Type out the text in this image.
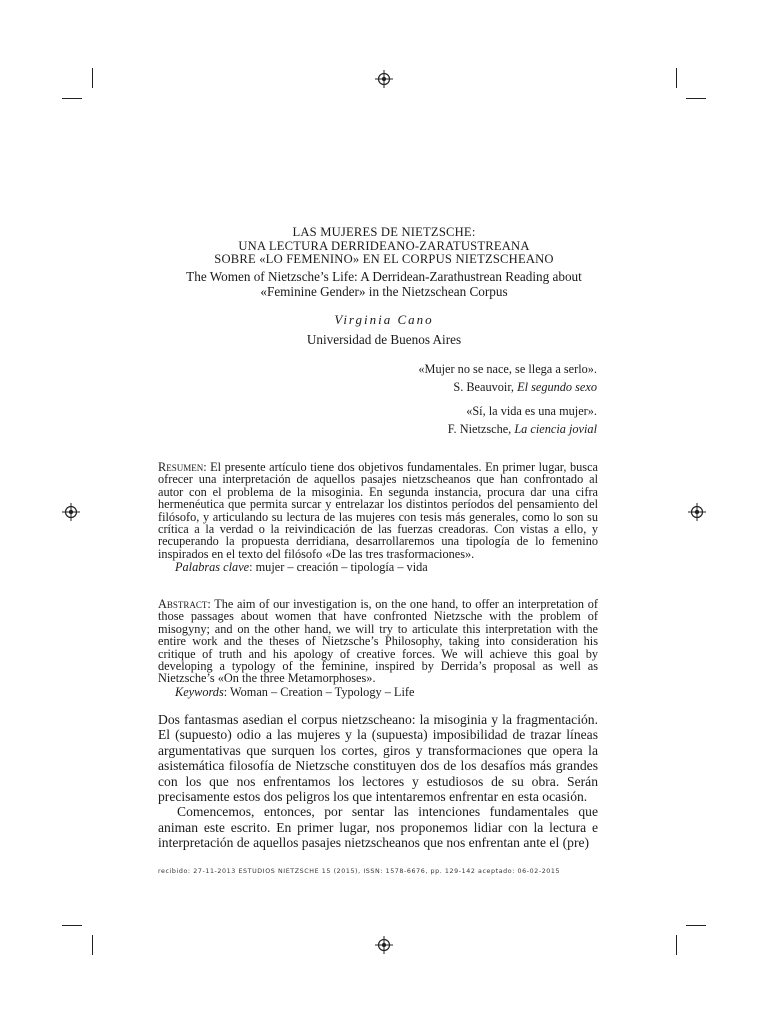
LAS MUJERES DE NIETZSCHE:
UNA LECTURA DERRIDEANO-ZARATUSTREANA
SOBRE «LO FEMENINO» EN EL CORPUS NIETZSCHEANO
The Women of Nietzsche’s Life: A Derridean-Zarathustrean Reading about
«Feminine Gender» in the Nietzschean Corpus
Virginia Cano
Universidad de Buenos Aires
«Mujer no se nace, se llega a serlo».
S. Beauvoir, El segundo sexo
«Sí, la vida es una mujer».
F. Nietzsche, La ciencia jovial
Resumen: El presente artículo tiene dos objetivos fundamentales. En primer lugar, busca ofrecer una interpretación de aquellos pasajes nietzscheanos que han confrontado al autor con el problema de la misoginia. En segunda instancia, procura dar una cifra hermenéutica que permita surcar y entrelazar los distintos períodos del pensamiento del filósofo, y articulando su lectura de las mujeres con tesis más generales, como lo son su crítica a la verdad o la reivindicación de las fuerzas creadoras. Con vistas a ello, y recuperando la propuesta derridiana, desarrollaremos una tipología de lo femenino inspirados en el texto del filósofo «De las tres trasformaciones».
Palabras clave: mujer – creación – tipología – vida
Abstract: The aim of our investigation is, on the one hand, to offer an interpretation of those passages about women that have confronted Nietzsche with the problem of misogyny; and on the other hand, we will try to articulate this interpretation with the entire work and the theses of Nietzsche’s Philosophy, taking into consideration his critique of truth and his apology of creative forces. We will achieve this goal by developing a typology of the feminine, inspired by Derrida’s proposal as well as Nietzsche’s «On the three Metamorphoses».
Keywords: Woman – Creation – Typology – Life

Dos fantasmas asedian el corpus nietzscheano: la misoginia y la fragmentación. El (supuesto) odio a las mujeres y la (supuesta) imposibilidad de trazar líneas argumentativas que surquen los cortes, giros y transformaciones que opera la asistemática filosofía de Nietzsche constituyen dos de los desafíos más grandes con los que nos enfrentamos los lectores y estudiosos de su obra. Serán precisamente estos dos peligros los que intentaremos enfrentar en esta ocasión.

Comencemos, entonces, por sentar las intenciones fundamentales que animan este escrito. En primer lugar, nos proponemos lidiar con la lectura e interpretación de aquellos pasajes nietzscheanos que nos enfrentan ante el (pre)

recibido: 27-11-2013 ESTUDIOS NIETZSCHE 15 (2015), ISSN: 1578-6676, pp. 129-142 aceptado: 06-02-2015
